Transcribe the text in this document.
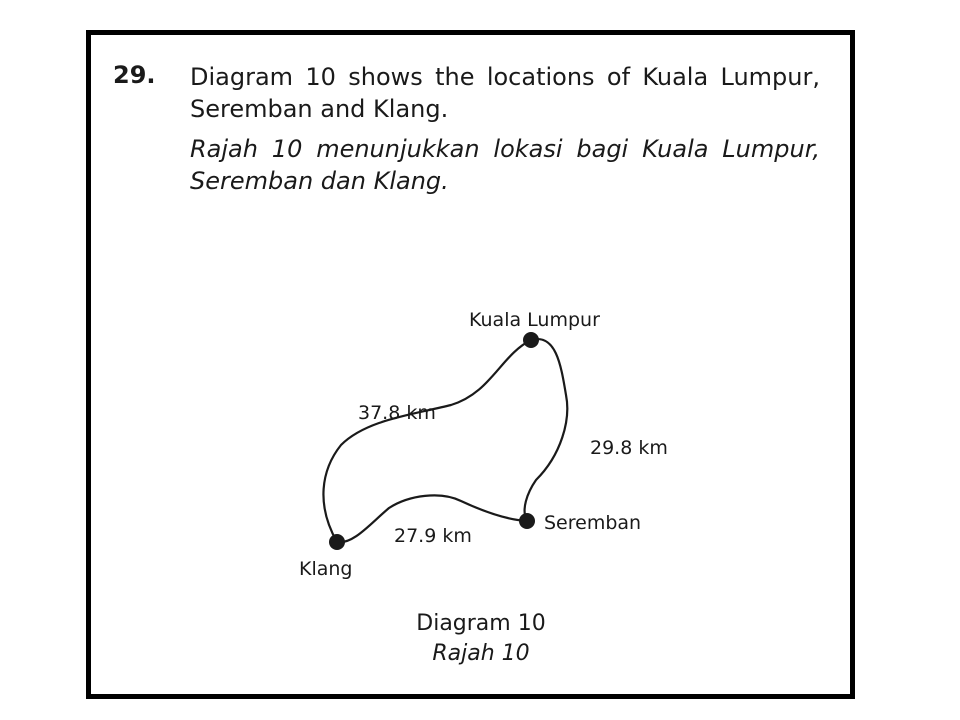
29. Diagram 10 shows the locations of Kuala Lumpur, Seremban and Klang.

Rajah 10 menunjukkan lokasi bagi Kuala Lumpur, Seremban dan Klang.

Kuala Lumpur
Seremban
Klang
37.8 km
29.8 km
27.9 km
Diagram 10
Rajah 10
